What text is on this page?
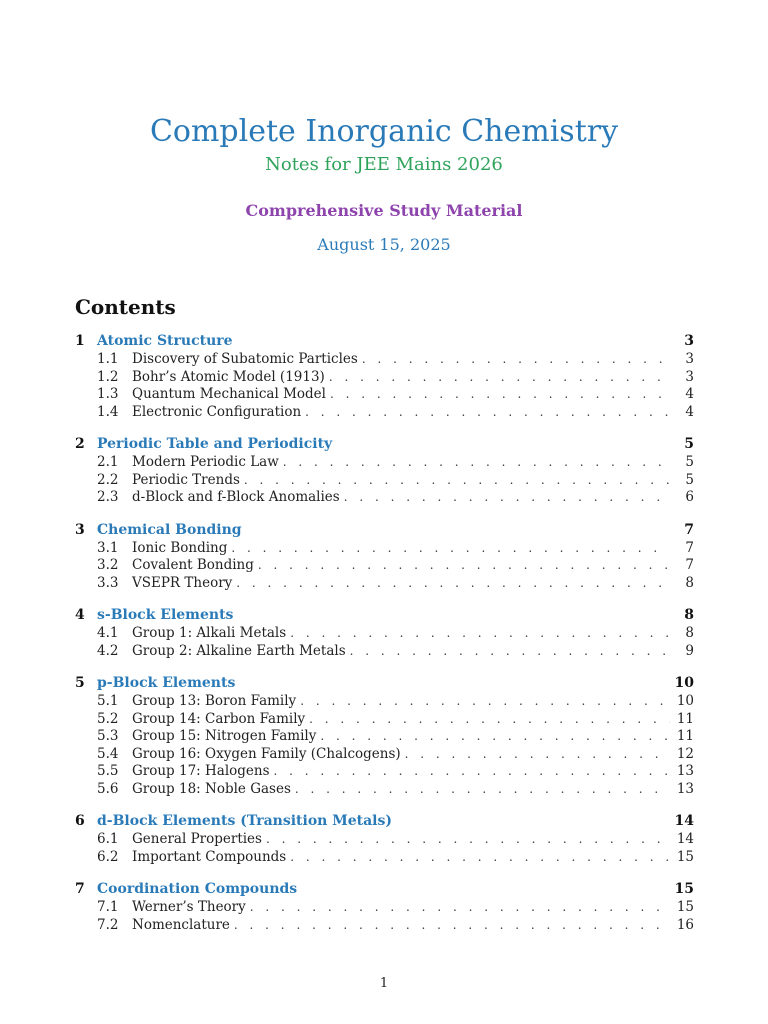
Complete Inorganic Chemistry
Notes for JEE Mains 2026
Comprehensive Study Material
August 15, 2025
Contents
1 Atomic Structure	3
1.1	Discovery of Subatomic Particles . . .	3
1.2	Bohr’s Atomic Model (1913) . . .	3
1.3	Quantum Mechanical Model . . .	4
1.4	Electronic Configuration . . .	4
2 Periodic Table and Periodicity	5
2.1	Modern Periodic Law . . .	5
2.2	Periodic Trends . . .	5
2.3	d-Block and f-Block Anomalies . . .	6
3 Chemical Bonding	7
3.1	Ionic Bonding . . .	7
3.2	Covalent Bonding . . .	7
3.3	VSEPR Theory . . .	8
4 s-Block Elements	8
4.1	Group 1: Alkali Metals . . .	8
4.2	Group 2: Alkaline Earth Metals . . .	9
5 p-Block Elements	10
5.1	Group 13: Boron Family . . .	10
5.2	Group 14: Carbon Family . . .	11
5.3	Group 15: Nitrogen Family . . .	11
5.4	Group 16: Oxygen Family (Chalcogens) . . .	12
5.5	Group 17: Halogens . . .	13
5.6	Group 18: Noble Gases . . .	13
6 d-Block Elements (Transition Metals)	14
6.1	General Properties . . .	14
6.2	Important Compounds . . .	15
7 Coordination Compounds	15
7.1	Werner’s Theory . . .	15
7.2	Nomenclature . . .	16
1
